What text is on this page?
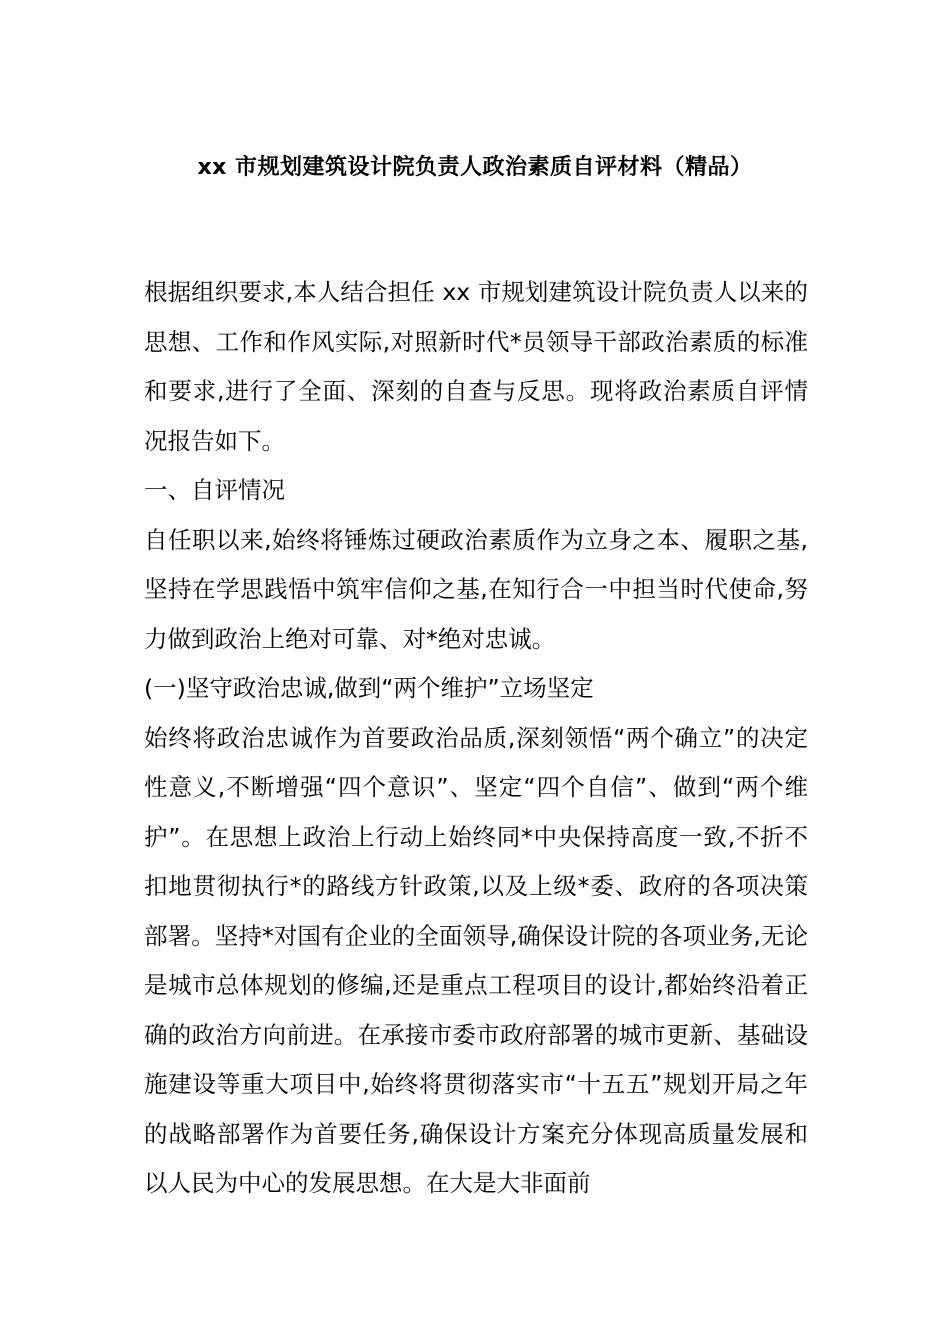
xx 市规划建筑设计院负责人政治素质自评材料（精品）

根据组织要求,本人结合担任 xx 市规划建筑设计院负责人以来的思想、工作和作风实际,对照新时代*员领导干部政治素质的标准和要求,进行了全面、深刻的自查与反思。现将政治素质自评情况报告如下。

一、自评情况

自任职以来,始终将锤炼过硬政治素质作为立身之本、履职之基,坚持在学思践悟中筑牢信仰之基,在知行合一中担当时代使命,努力做到政治上绝对可靠、对*绝对忠诚。

(一)坚守政治忠诚,做到“两个维护”立场坚定

始终将政治忠诚作为首要政治品质,深刻领悟“两个确立”的决定性意义,不断增强“四个意识”、坚定“四个自信”、做到“两个维护”。在思想上政治上行动上始终同*中央保持高度一致,不折不扣地贯彻执行*的路线方针政策,以及上级*委、政府的各项决策部署。坚持*对国有企业的全面领导,确保设计院的各项业务,无论是城市总体规划的修编,还是重点工程项目的设计,都始终沿着正确的政治方向前进。在承接市委市政府部署的城市更新、基础设施建设等重大项目中,始终将贯彻落实市“十五五”规划开局之年的战略部署作为首要任务,确保设计方案充分体现高质量发展和以人民为中心的发展思想。在大是大非面前
